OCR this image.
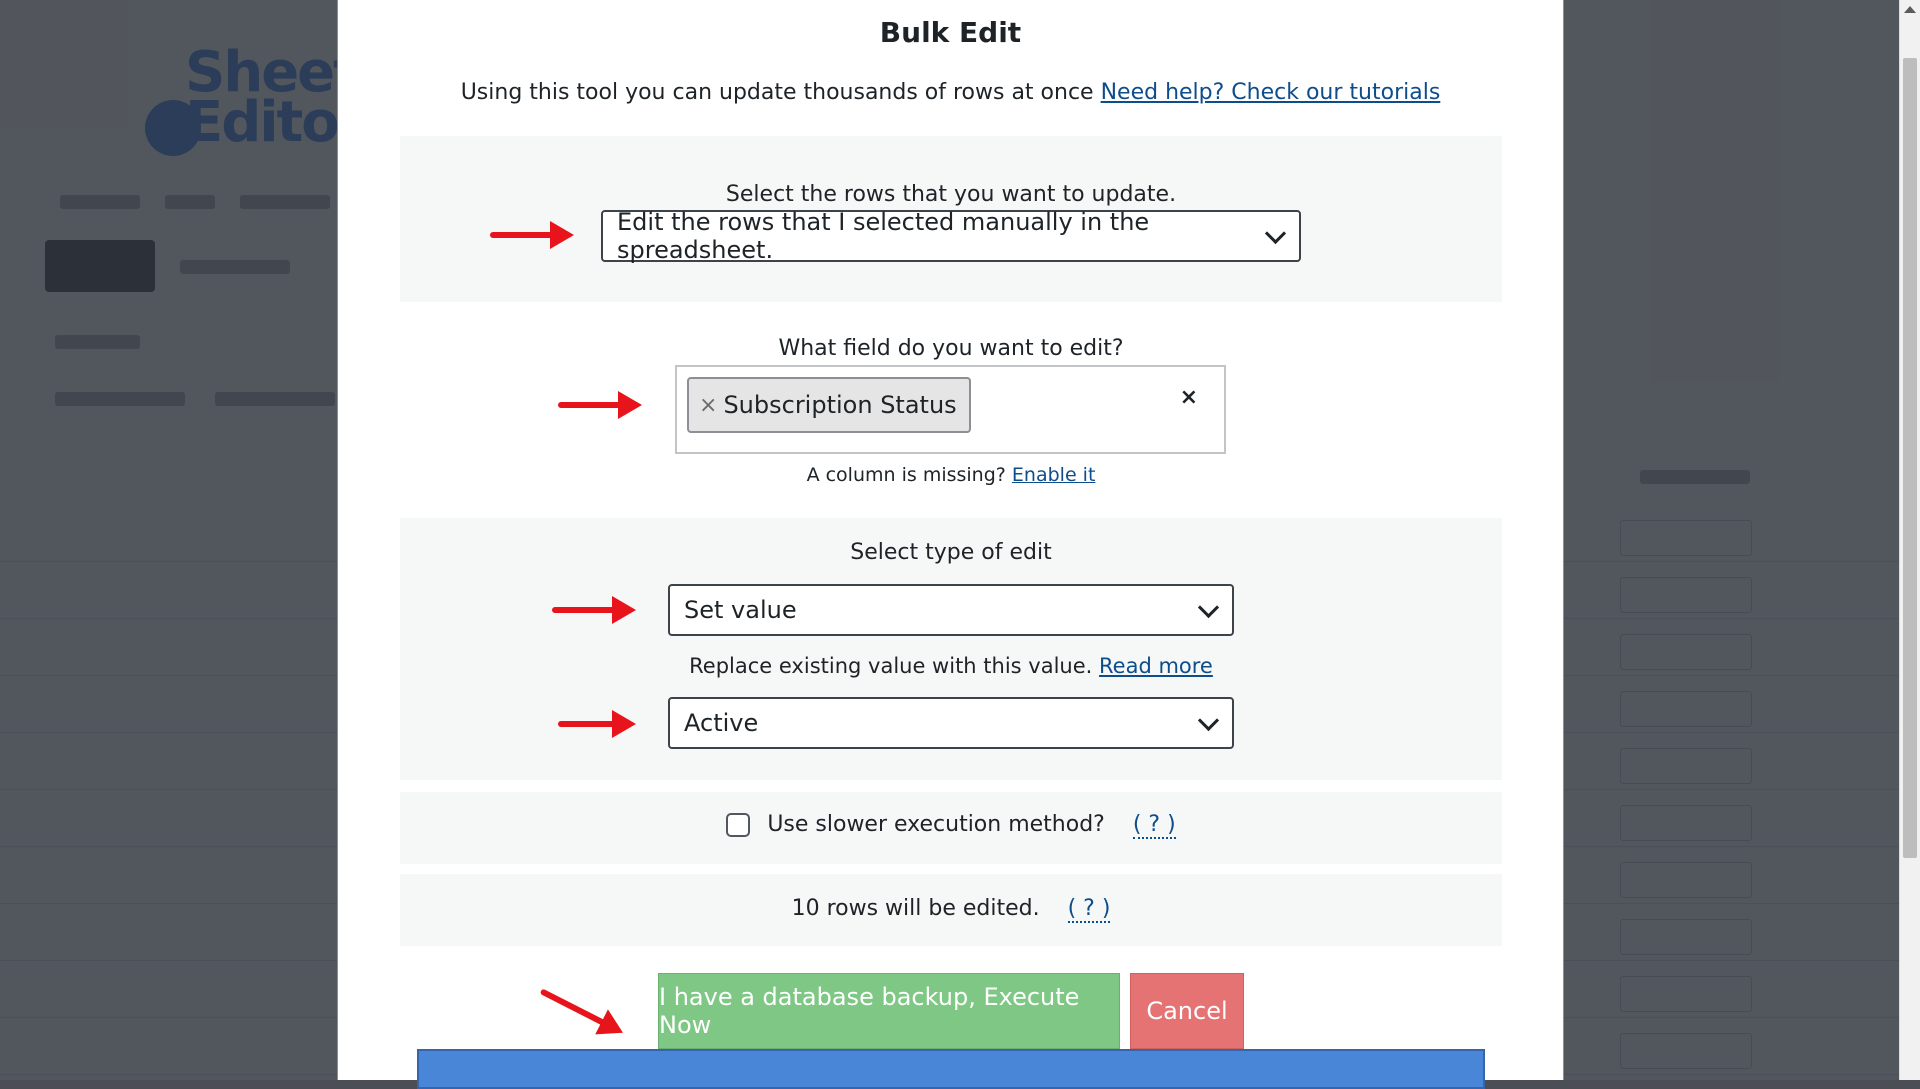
Bulk Edit
Using this tool you can update thousands of rows at once Need help? Check our tutorials
Select the rows that you want to update.
Edit the rows that I selected manually in the spreadsheet.
What field do you want to edit?
× Subscription Status	×
A column is missing? Enable it
Select type of edit
Set value
Replace existing value with this value. Read more
Active
Use slower execution method? ( ? )
10 rows will be edited. ( ? )
I have a database backup, Execute Now	Cancel
